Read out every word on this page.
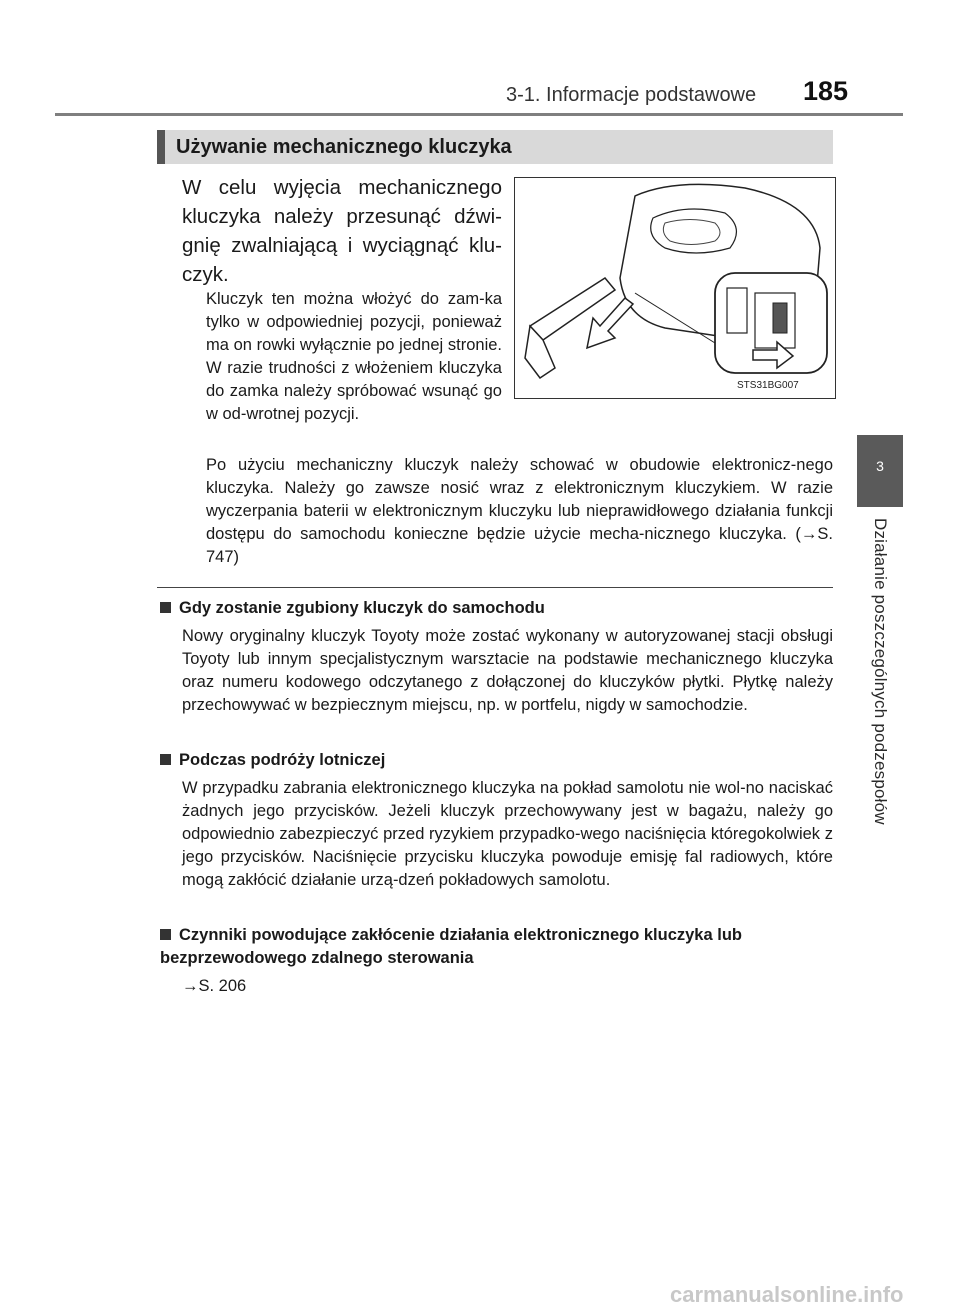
3-1. Informacje podstawowe 185
3
Działanie poszczególnych podzespołów
Używanie mechanicznego kluczyka
W celu wyjęcia mechanicznego kluczyka należy przesunąć dźwi-gnię zwalniającą i wyciągnąć klu-czyk.
Kluczyk ten można włożyć do zam-ka tylko w odpowiedniej pozycji, ponieważ ma on rowki wyłącznie po jednej stronie. W razie trudności z włożeniem kluczyka do zamka należy spróbować wsunąć go w od-wrotnej pozycji.
STS31BG007
Po użyciu mechaniczny kluczyk należy schować w obudowie elektronicz-nego kluczyka. Należy go zawsze nosić wraz z elektronicznym kluczykiem. W razie wyczerpania baterii w elektronicznym kluczyku lub nieprawidłowego działania funkcji dostępu do samochodu konieczne będzie użycie mecha-nicznego kluczyka. (→S. 747)
Gdy zostanie zgubiony kluczyk do samochodu
Nowy oryginalny kluczyk Toyoty może zostać wykonany w autoryzowanej stacji obsługi Toyoty lub innym specjalistycznym warsztacie na podstawie mechanicznego kluczyka oraz numeru kodowego odczytanego z dołączonej do kluczyków płytki. Płytkę należy przechowywać w bezpiecznym miejscu, np. w portfelu, nigdy w samochodzie.
Podczas podróży lotniczej
W przypadku zabrania elektronicznego kluczyka na pokład samolotu nie wol-no naciskać żadnych jego przycisków. Jeżeli kluczyk przechowywany jest w bagażu, należy go odpowiednio zabezpieczyć przed ryzykiem przypadko-wego naciśnięcia któregokolwiek z jego przycisków. Naciśnięcie przycisku kluczyka powoduje emisję fal radiowych, które mogą zakłócić działanie urzą-dzeń pokładowych samolotu.
Czynniki powodujące zakłócenie działania elektronicznego kluczyka lub bezprzewodowego zdalnego sterowania
→S. 206
carmanualsonline.info
